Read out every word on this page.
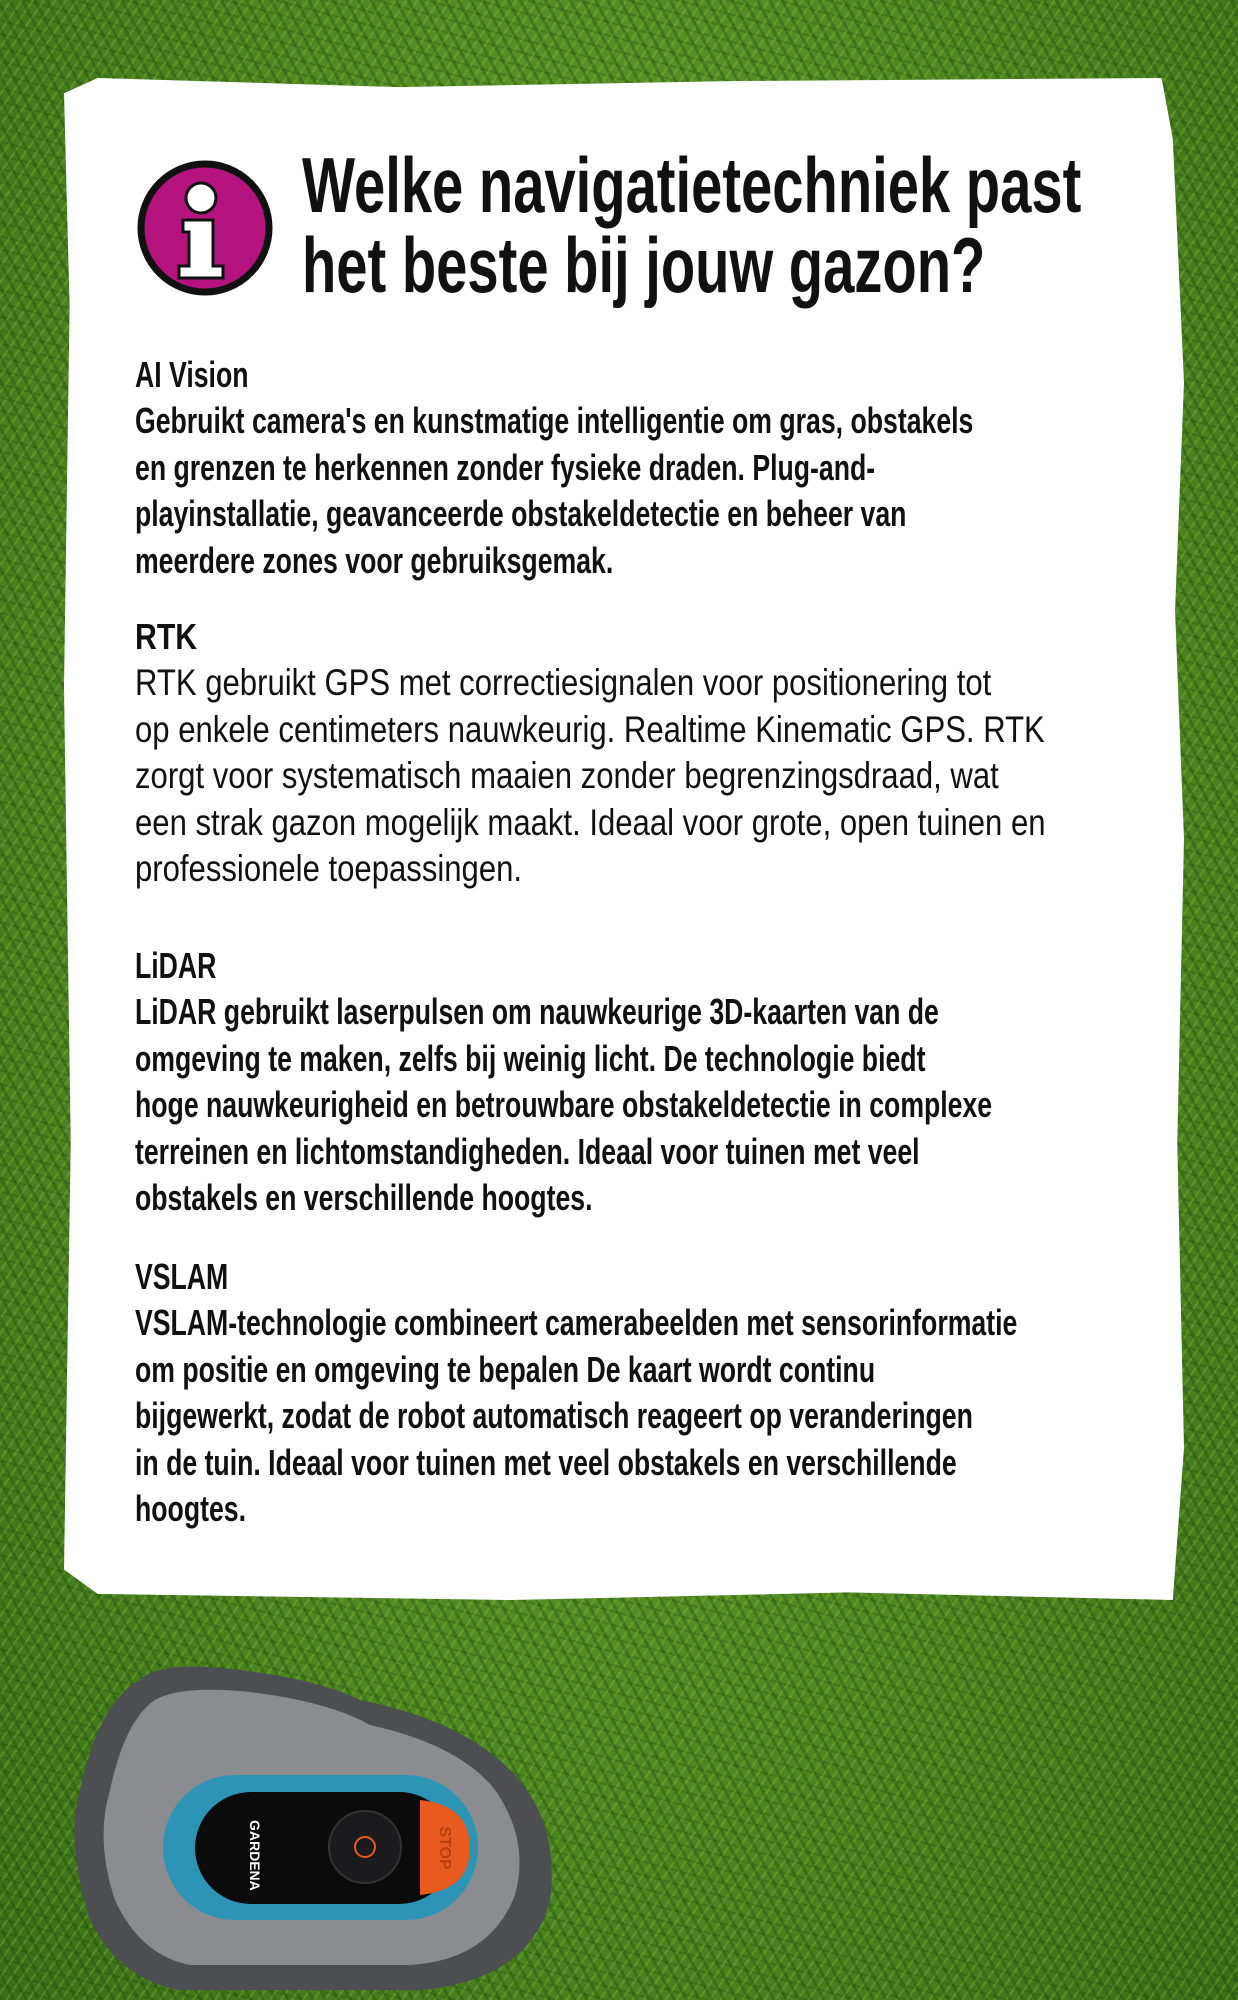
Welke navigatietechniek past
het beste bij jouw gazon?
AI Vision
Gebruikt camera's en kunstmatige intelligentie om gras, obstakels
en grenzen te herkennen zonder fysieke draden. Plug-and-
playinstallatie, geavanceerde obstakeldetectie en beheer van
meerdere zones voor gebruiksgemak.
RTK
RTK gebruikt GPS met correctiesignalen voor positionering tot
op enkele centimeters nauwkeurig. Realtime Kinematic GPS. RTK
zorgt voor systematisch maaien zonder begrenzingsdraad, wat
een strak gazon mogelijk maakt. Ideaal voor grote, open tuinen en
professionele toepassingen.
LiDAR
LiDAR gebruikt laserpulsen om nauwkeurige 3D-kaarten van de
omgeving te maken, zelfs bij weinig licht. De technologie biedt
hoge nauwkeurigheid en betrouwbare obstakeldetectie in complexe
terreinen en lichtomstandigheden. Ideaal voor tuinen met veel
obstakels en verschillende hoogtes.
VSLAM
VSLAM-technologie combineert camerabeelden met sensorinformatie
om positie en omgeving te bepalen De kaart wordt continu
bijgewerkt, zodat de robot automatisch reageert op veranderingen
in de tuin. Ideaal voor tuinen met veel obstakels en verschillende
hoogtes.
STOP
GARDENA
